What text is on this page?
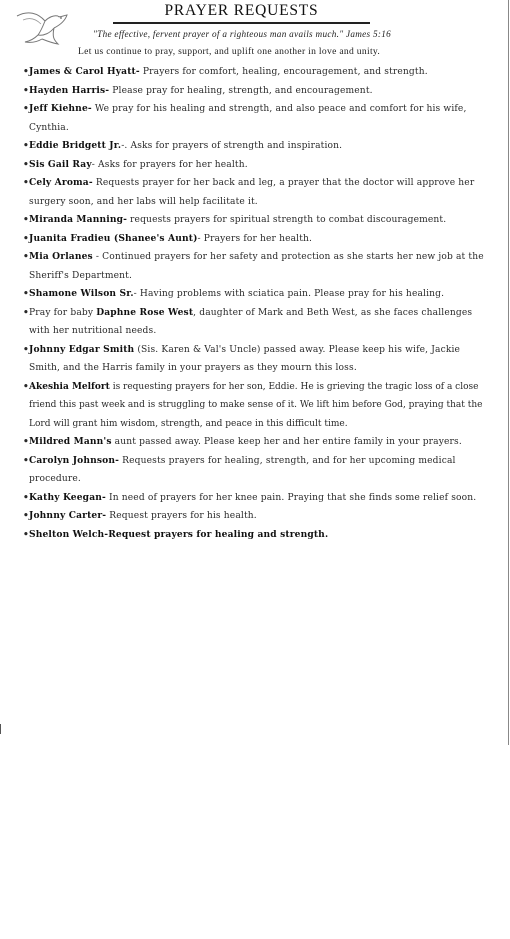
PRAYER REQUESTS
"The effective, fervent prayer of a righteous man avails much." James 5:16
Let us continue to pray, support, and uplift one another in love and unity.
• James & Carol Hyatt- Prayers for comfort, healing, encouragement, and strength.
• Hayden Harris- Please pray for healing, strength, and encouragement.
• Jeff Kiehne- We pray for his healing and strength, and also peace and comfort for his wife, Cynthia.
• Eddie Bridgett Jr.-. Asks for prayers of strength and inspiration.
• Sis Gail Ray- Asks for prayers for her health.
• Cely Aroma- Requests prayer for her back and leg, a prayer that the doctor will approve her surgery soon, and her labs will help facilitate it.
• Miranda Manning- requests prayers for spiritual strength to combat discouragement.
• Juanita Fradieu (Shanee's Aunt)- Prayers for her health.
• Mia Orlanes - Continued prayers for her safety and protection as she starts her new job at the Sheriff's Department.
• Shamone Wilson Sr.- Having problems with sciatica pain. Please pray for his healing.
• Pray for baby Daphne Rose West, daughter of Mark and Beth West, as she faces challenges with her nutritional needs.
• Johnny Edgar Smith (Sis. Karen & Val's Uncle) passed away. Please keep his wife, Jackie Smith, and the Harris family in your prayers as they mourn this loss.
• Akeshia Melfort is requesting prayers for her son, Eddie. He is grieving the tragic loss of a close friend this past week and is struggling to make sense of it. We lift him before God, praying that the Lord will grant him wisdom, strength, and peace in this difficult time.
• Mildred Mann's aunt passed away. Please keep her and her entire family in your prayers.
• Carolyn Johnson- Requests prayers for healing, strength, and for her upcoming medical procedure.
• Kathy Keegan- In need of prayers for her knee pain. Praying that she finds some relief soon.
• Johnny Carter- Request prayers for his health.
• Shelton Welch-Request prayers for healing and strength.
